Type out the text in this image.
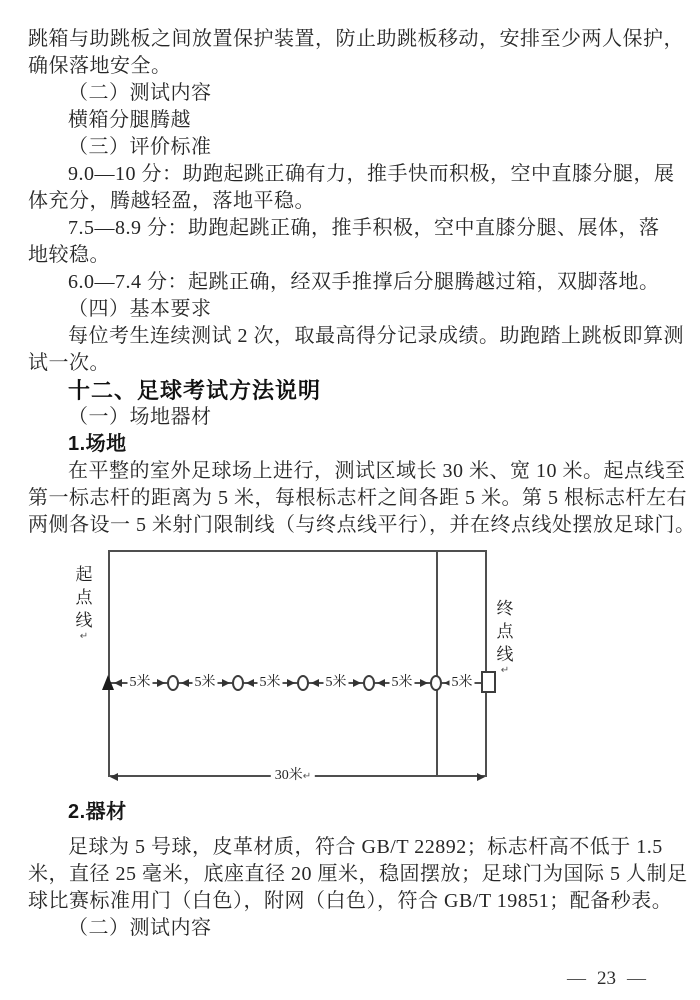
跳箱与助跳板之间放置保护装置，防止助跳板移动，安排至少两人保护，
确保落地安全。
（二）测试内容
横箱分腿腾越
（三）评价标准
9.0—10 分：助跑起跳正确有力，推手快而积极，空中直膝分腿，展
体充分，腾越轻盈，落地平稳。
7.5—8.9 分：助跑起跳正确，推手积极，空中直膝分腿、展体，落
地较稳。
6.0—7.4 分：起跳正确，经双手推撑后分腿腾越过箱，双脚落地。
（四）基本要求
每位考生连续测试 2 次，取最高得分记录成绩。助跑踏上跳板即算测
试一次。
十二、足球考试方法说明
（一）场地器材
1.场地
在平整的室外足球场上进行，测试区域长 30 米、宽 10 米。起点线至
第一标志杆的距离为 5 米，每根标志杆之间各距 5 米。第 5 根标志杆左右
两侧各设一 5 米射门限制线（与终点线平行），并在终点线处摆放足球门。
起
点
线
↵
终
点
线
↵
5米	5米	5米	5米	5米	5米
30米↵
2.器材
足球为 5 号球，皮革材质，符合 GB/T 22892；标志杆高不低于 1.5
米，直径 25 毫米，底座直径 20 厘米，稳固摆放；足球门为国际 5 人制足
球比赛标准用门（白色），附网（白色），符合 GB/T 19851；配备秒表。
（二）测试内容
— 23 —
